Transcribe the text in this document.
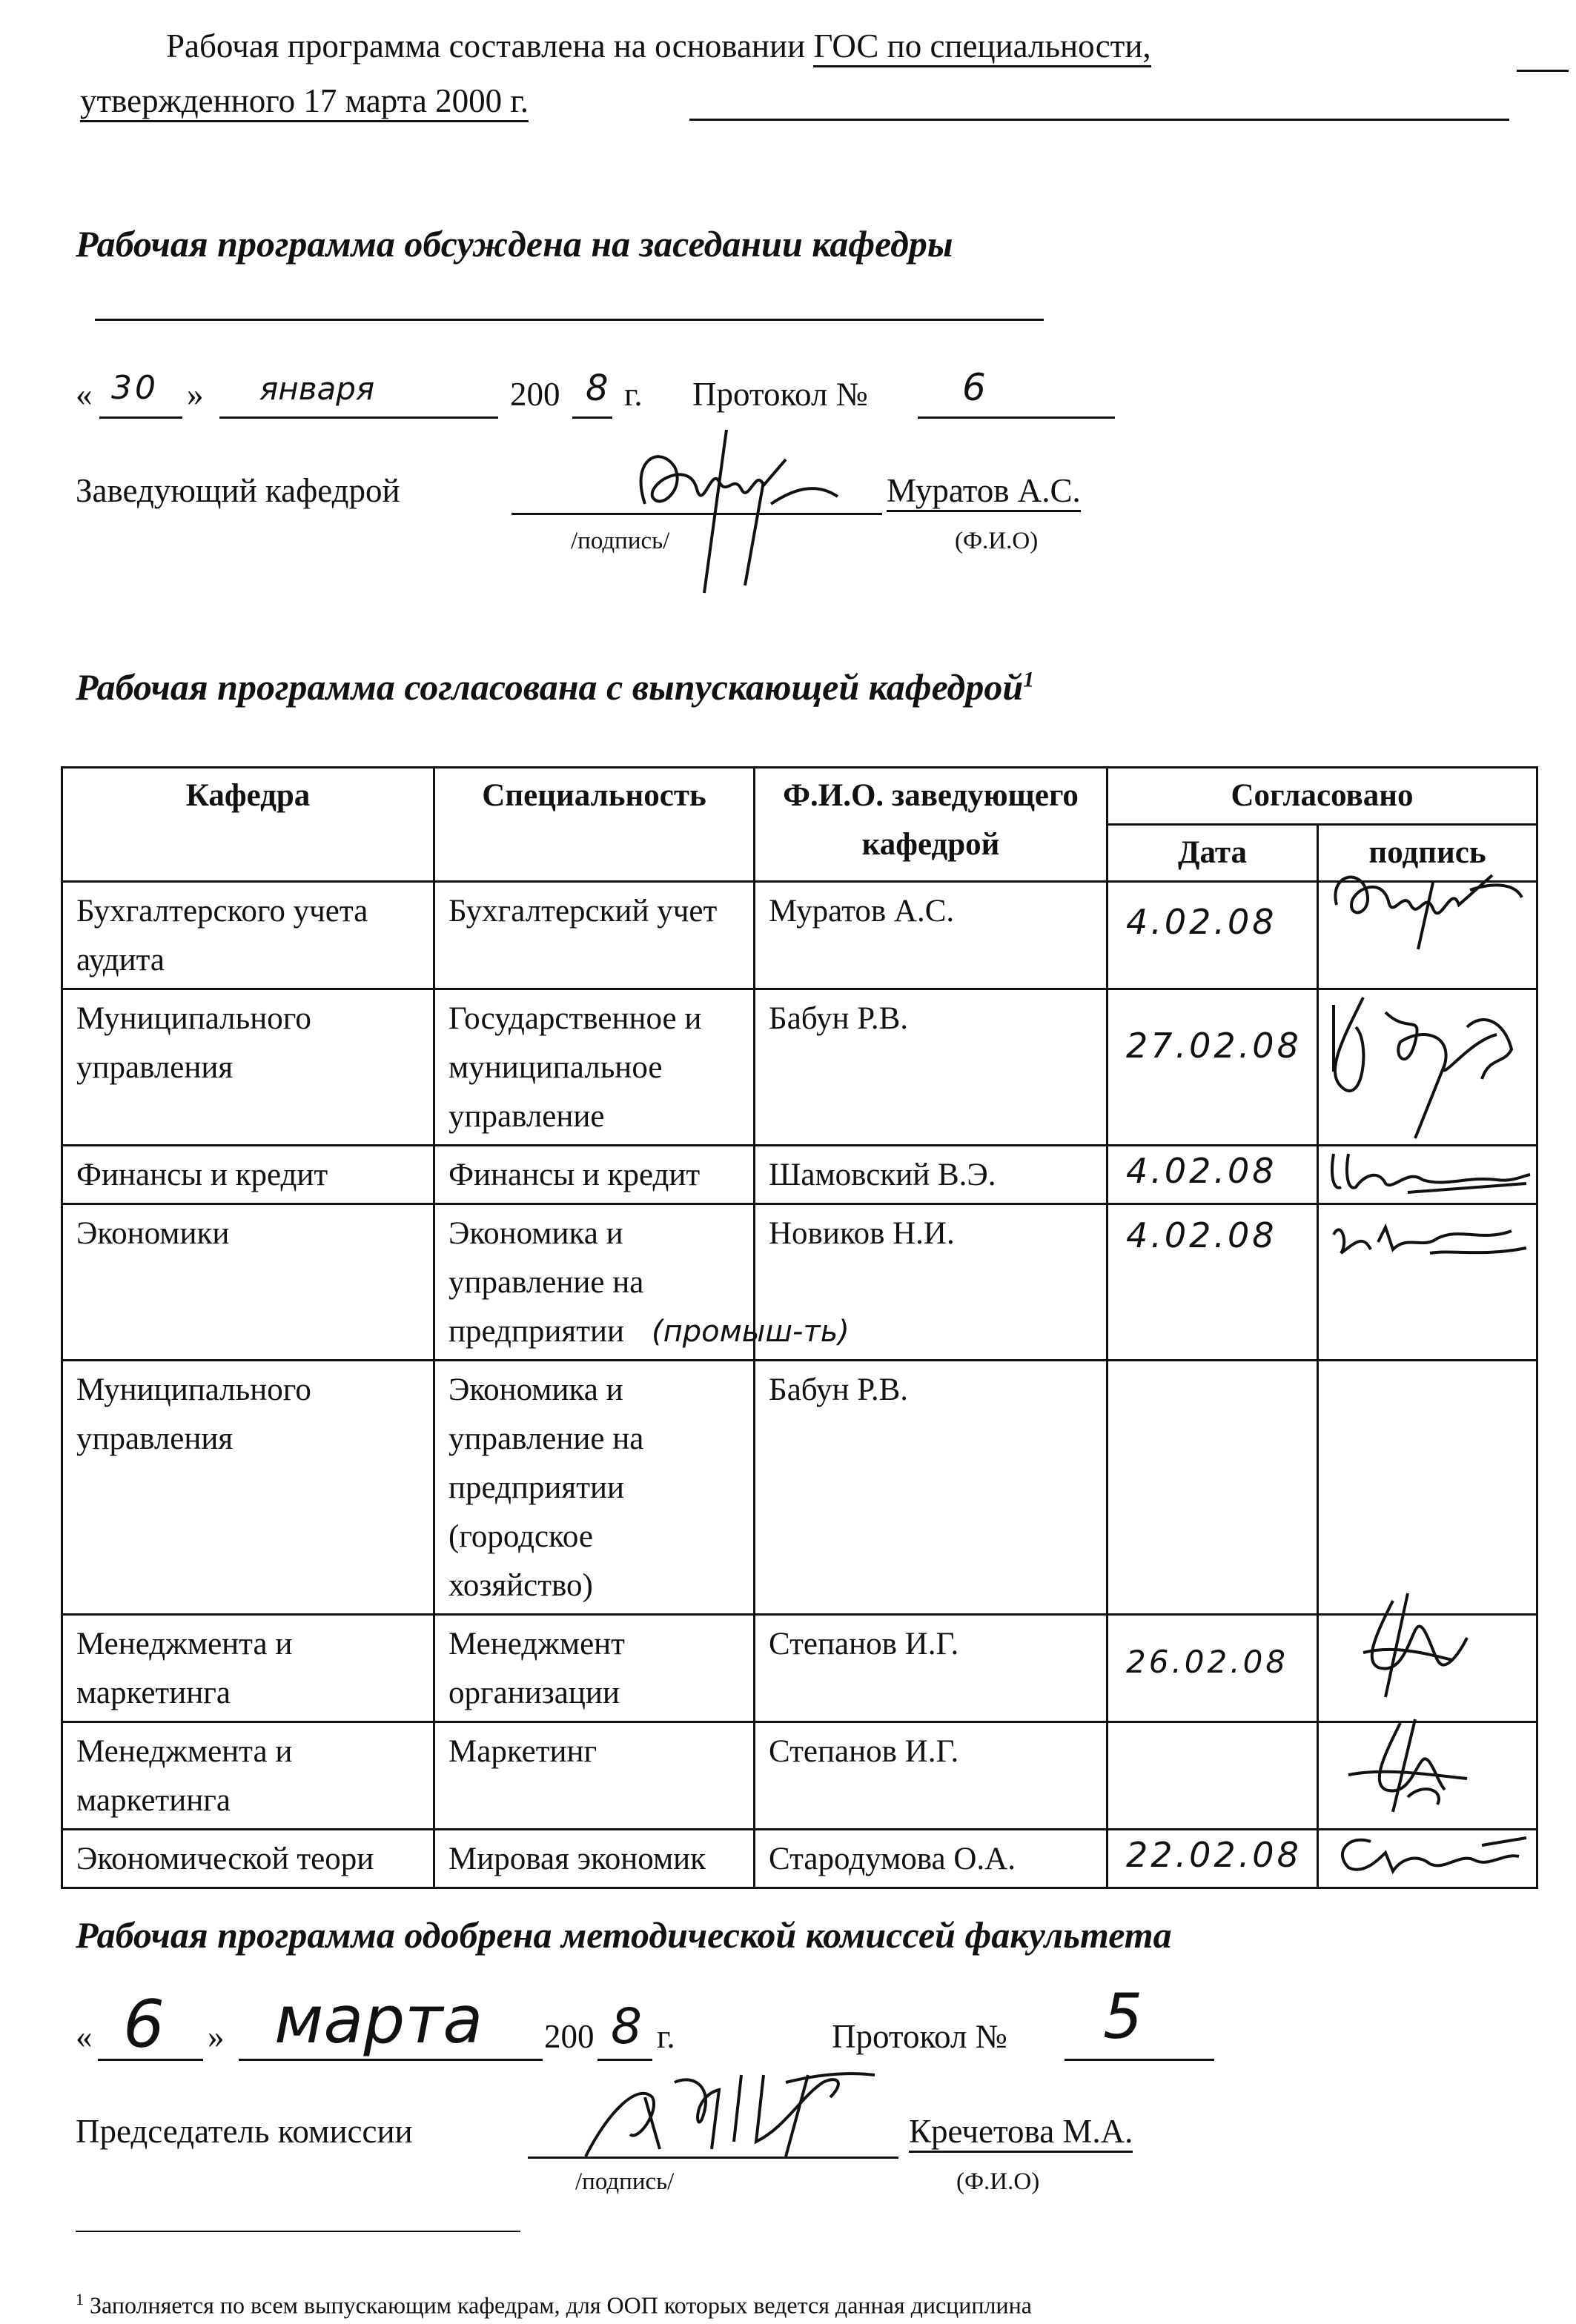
Рабочая программа составлена на основании ГОС по специальности,
утвержденного 17 марта 2000 г.
Рабочая программа обсуждена на заседании кафедры
« 30 » января	200 8 г. Протокол №	6
Заведующий кафедрой	Муратов А.С.
/подпись/	(Ф.И.О)
Рабочая программа согласована с выпускающей кафедрой$^1$
Кафедра	Специальность	Ф.И.О. заведующего
кафедрой	Согласовано	
			Дата	подпись
Бухгалтерского учета аудита	Бухгалтерский учет	Муратов А.С.	4.02.08

Муниципального управления	Государственное и муниципальное управление	Бабун Р.В.	27.02.08

Финансы и кредит	Финансы и кредит	Шамовский В.Э.	4.02.08

Экономики	Экономика и управление на предприятии (промыш-ть)	Новиков Н.И.	4.02.08

Муниципального управления	Экономика и управление на предприятии (городское хозяйство)	Бабун Р.В.	

Менеджмента и маркетинга	Менеджмент организации	Степанов И.Г.	26.02.08

Менеджмента и маркетинга	Маркетинг	Степанов И.Г.	

Экономической теори	Мировая экономик	Стародумова О.А.	22.02.08

Рабочая программа одобрена методической комиссей факультета
« 6 » марта 200 8 г.	Протокол № 5
Председатель комиссии	Кречетова М.А.
/подпись/	(Ф.И.О)
$^1$ Заполняется по всем выпускающим кафедрам, для ООП которых ведется данная дисциплина
